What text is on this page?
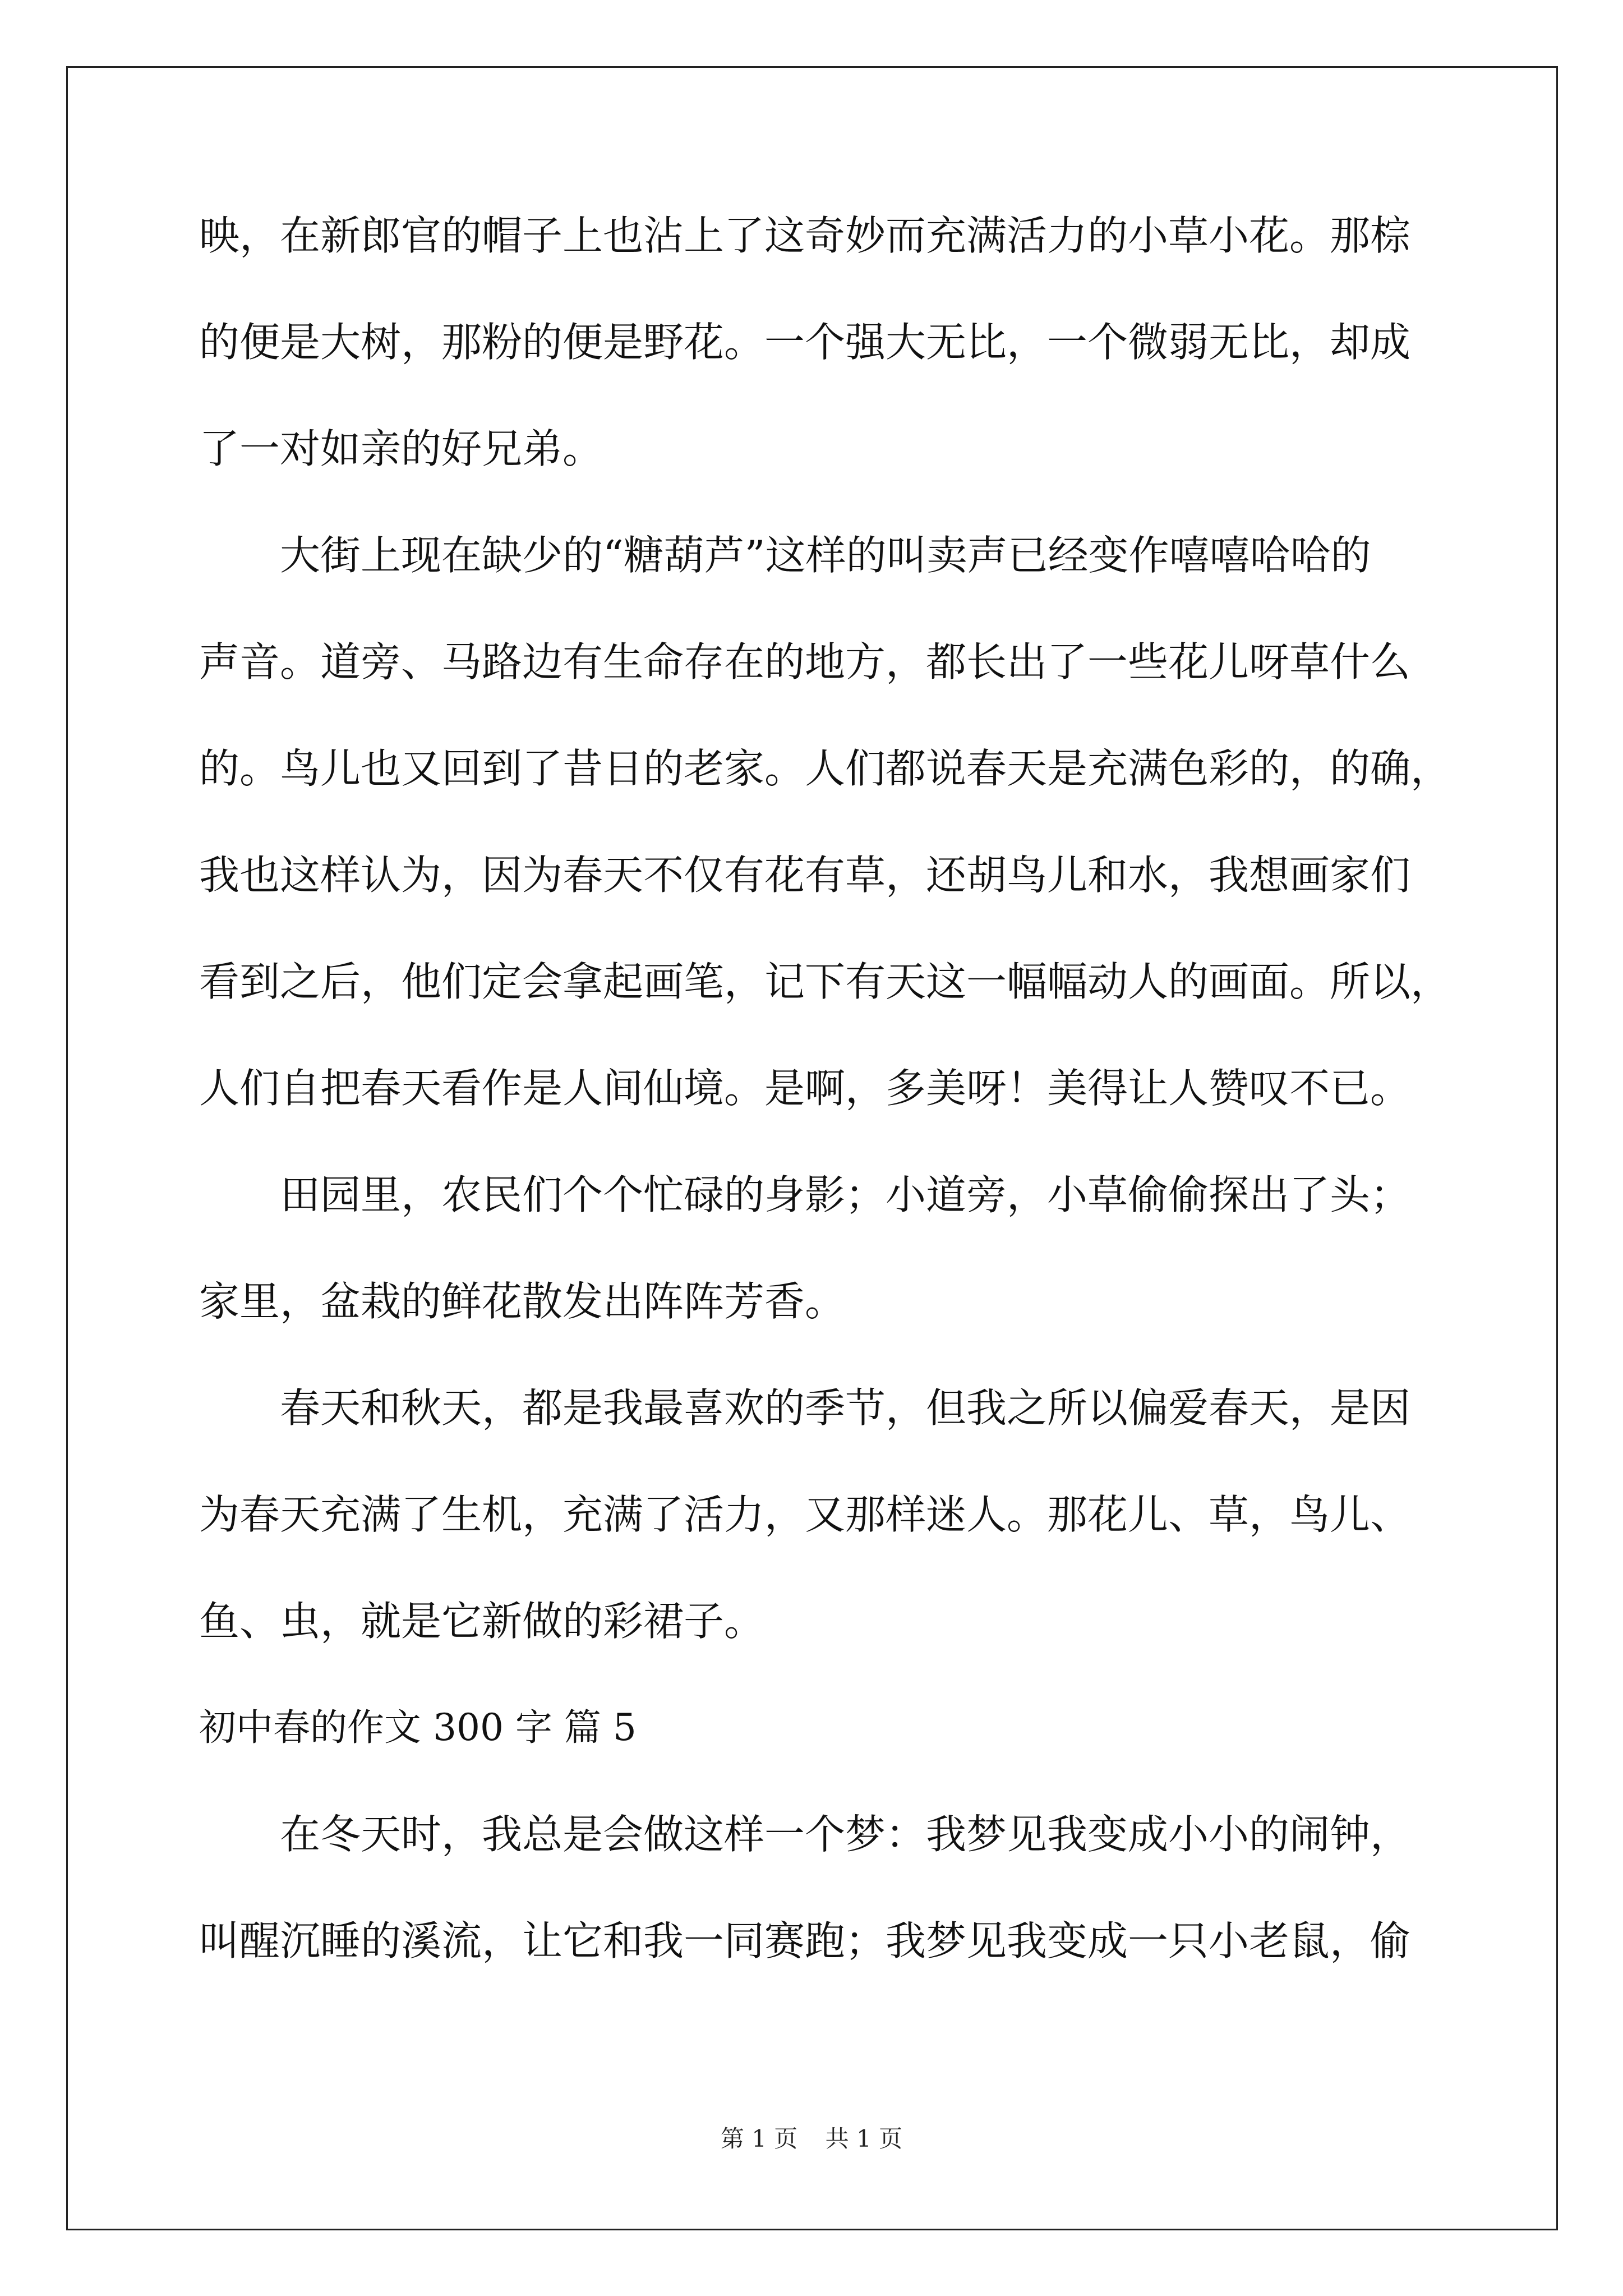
映，在新郎官的帽子上也沾上了这奇妙而充满活力的小草小花。那棕
的便是大树，那粉的便是野花。一个强大无比，一个微弱无比，却成
了一对如亲的好兄弟。
大街上现在缺少的“糖葫芦”这样的叫卖声已经变作嘻嘻哈哈的
声音。道旁、马路边有生命存在的地方，都长出了一些花儿呀草什么
的。鸟儿也又回到了昔日的老家。人们都说春天是充满色彩的，的确，
我也这样认为，因为春天不仅有花有草，还胡鸟儿和水，我想画家们
看到之后，他们定会拿起画笔，记下有天这一幅幅动人的画面。所以，
人们自把春天看作是人间仙境。是啊，多美呀！美得让人赞叹不已。
田园里，农民们个个忙碌的身影；小道旁，小草偷偷探出了头；
家里，盆栽的鲜花散发出阵阵芳香。
春天和秋天，都是我最喜欢的季节，但我之所以偏爱春天，是因
为春天充满了生机，充满了活力，又那样迷人。那花儿、草，鸟儿、
鱼、虫，就是它新做的彩裙子。
初中春的作文 300 字 篇 5
在冬天时，我总是会做这样一个梦：我梦见我变成小小的闹钟，
叫醒沉睡的溪流，让它和我一同赛跑；我梦见我变成一只小老鼠，偷
第 1 页 共 1 页
